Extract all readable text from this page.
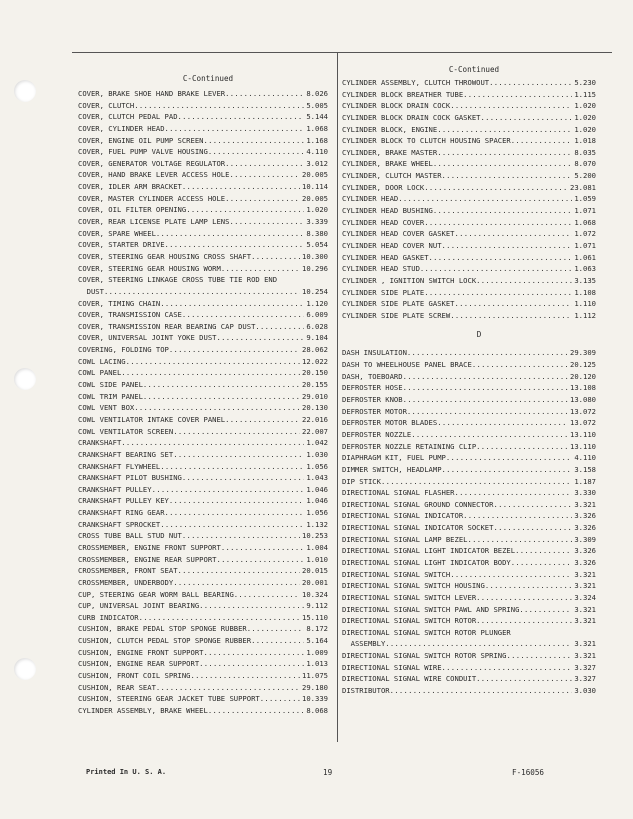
C-Continued
COVER, BRAKE SHOE HAND BRAKE LEVER .....	8.026
COVER, CLUTCH .....	5.005
COVER, CLUTCH PEDAL PAD .....	5.144
COVER, CYLINDER HEAD .....	1.068
COVER, ENGINE OIL PUMP SCREEN .....	1.168
COVER, FUEL PUMP VALVE HOUSING .....	4.110
COVER, GENERATOR VOLTAGE REGULATOR .....	3.012
COVER, HAND BRAKE LEVER ACCESS HOLE .....	20.005
COVER, IDLER ARM BRACKET .....	10.114
COVER, MASTER CYLINDER ACCESS HOLE .....	20.005
COVER, OIL FILTER OPENING .....	1.020
COVER, REAR LICENSE PLATE LAMP LENS .....	3.339
COVER, SPARE WHEEL .....	8.380
COVER, STARTER DRIVE .....	5.054
COVER, STEERING GEAR HOUSING CROSS SHAFT .....	10.300
COVER, STEERING GEAR HOUSING WORM .....	10.296
COVER, STEERING LINKAGE CROSS TUBE TIE ROD END
DUST .....	10.254
COVER, TIMING CHAIN .....	1.120
COVER, TRANSMISSION CASE .....	6.009
COVER, TRANSMISSION REAR BEARING CAP DUST .....	6.028
COVER, UNIVERSAL JOINT YOKE DUST .....	9.104
COVERING, FOLDING TOP .....	28.062
COWL LACING .....	12.022
COWL PANEL .....	20.150
COWL SIDE PANEL .....	20.155
COWL TRIM PANEL .....	29.010
COWL VENT BOX .....	20.130
COWL VENTILATOR INTAKE COVER PANEL .....	22.016
COWL VENTILATOR SCREEN .....	22.007
CRANKSHAFT .....	1.042
CRANKSHAFT BEARING SET .....	1.030
CRANKSHAFT FLYWHEEL .....	1.056
CRANKSHAFT PILOT BUSHING .....	1.043
CRANKSHAFT PULLEY .....	1.046
CRANKSHAFT PULLEY KEY .....	1.046
CRANKSHAFT RING GEAR .....	1.056
CRANKSHAFT SPROCKET .....	1.132
CROSS TUBE BALL STUD NUT .....	10.253
CROSSMEMBER, ENGINE FRONT SUPPORT .....	1.004
CROSSMEMBER, ENGINE REAR SUPPORT .....	1.010
CROSSMEMBER, FRONT SEAT .....	20.015
CROSSMEMBER, UNDERBODY .....	20.001
CUP, STEERING GEAR WORM BALL BEARING .....	10.324
CUP, UNIVERSAL JOINT BEARING .....	9.112
CURB INDICATOR .....	15.110
CUSHION, BRAKE PEDAL STOP SPONGE RUBBER .....	8.172
CUSHION, CLUTCH PEDAL STOP SPONGE RUBBER .....	5.164
CUSHION, ENGINE FRONT SUPPORT .....	1.009
CUSHION, ENGINE REAR SUPPORT .....	1.013
CUSHION, FRONT COIL SPRING .....	11.075
CUSHION, REAR SEAT .....	29.180
CUSHION, STEERING GEAR JACKET TUBE SUPPORT .....	10.339
CYLINDER ASSEMBLY, BRAKE WHEEL .....	8.068
C-Continued
CYLINDER ASSEMBLY, CLUTCH THROWOUT .....	5.230
CYLINDER BLOCK BREATHER TUBE .....	1.115
CYLINDER BLOCK DRAIN COCK .....	1.020
CYLINDER BLOCK DRAIN COCK GASKET .....	1.020
CYLINDER BLOCK, ENGINE .....	1.020
CYLINDER BLOCK TO CLUTCH HOUSING SPACER .....	1.018
CYLINDER, BRAKE MASTER .....	8.035
CYLINDER, BRAKE WHEEL .....	8.070
CYLINDER, CLUTCH MASTER .....	5.200
CYLINDER, DOOR LOCK .....	23.081
CYLINDER HEAD .....	1.059
CYLINDER HEAD BUSHING .....	1.071
CYLINDER HEAD COVER .....	1.068
CYLINDER HEAD COVER GASKET .....	1.072
CYLINDER HEAD COVER NUT .....	1.071
CYLINDER HEAD GASKET .....	1.061
CYLINDER HEAD STUD .....	1.063
CYLINDER , IGNITION SWITCH LOCK .....	3.135
CYLINDER SIDE PLATE .....	1.108
CYLINDER SIDE PLATE GASKET .....	1.110
CYLINDER SIDE PLATE SCREW .....	1.112
D
DASH INSULATION .....	29.309
DASH TO WHEELHOUSE PANEL BRACE .....	20.125
DASH, TOEBOARD .....	20.120
DEFROSTER HOSE .....	13.108
DEFROSTER KNOB .....	13.080
DEFROSTER MOTOR .....	13.072
DEFROSTER MOTOR BLADES .....	13.072
DEFROSTER NOZZLE .....	13.110
DEFROSTER NOZZLE RETAINING CLIP .....	13.110
DIAPHRAGM KIT, FUEL PUMP .....	4.110
DIMMER SWITCH, HEADLAMP .....	3.158
DIP STICK .....	1.187
DIRECTIONAL SIGNAL FLASHER .....	3.330
DIRECTIONAL SIGNAL GROUND CONNECTOR .....	3.321
DIRECTIONAL SIGNAL INDICATOR .....	3.326
DIRECTIONAL SIGNAL INDICATOR SOCKET .....	3.326
DIRECTIONAL SIGNAL LAMP BEZEL .....	3.309
DIRECTIONAL SIGNAL LIGHT INDICATOR BEZEL .....	3.326
DIRECTIONAL SIGNAL LIGHT INDICATOR BODY .....	3.326
DIRECTIONAL SIGNAL SWITCH .....	3.321
DIRECTIONAL SIGNAL SWITCH HOUSING .....	3.321
DIRECTIONAL SIGNAL SWITCH LEVER .....	3.324
DIRECTIONAL SIGNAL SWITCH PAWL AND SPRING .....	3.321
DIRECTIONAL SIGNAL SWITCH ROTOR .....	3.321
DIRECTIONAL SIGNAL SWITCH ROTOR PLUNGER
ASSEMBLY .....	3.321
DIRECTIONAL SIGNAL SWITCH ROTOR SPRING .....	3.321
DIRECTIONAL SIGNAL WIRE .....	3.327
DIRECTIONAL SIGNAL WIRE CONDUIT .....	3.327
DISTRIBUTOR .....	3.030
Printed In U. S. A.	19	F-16056
